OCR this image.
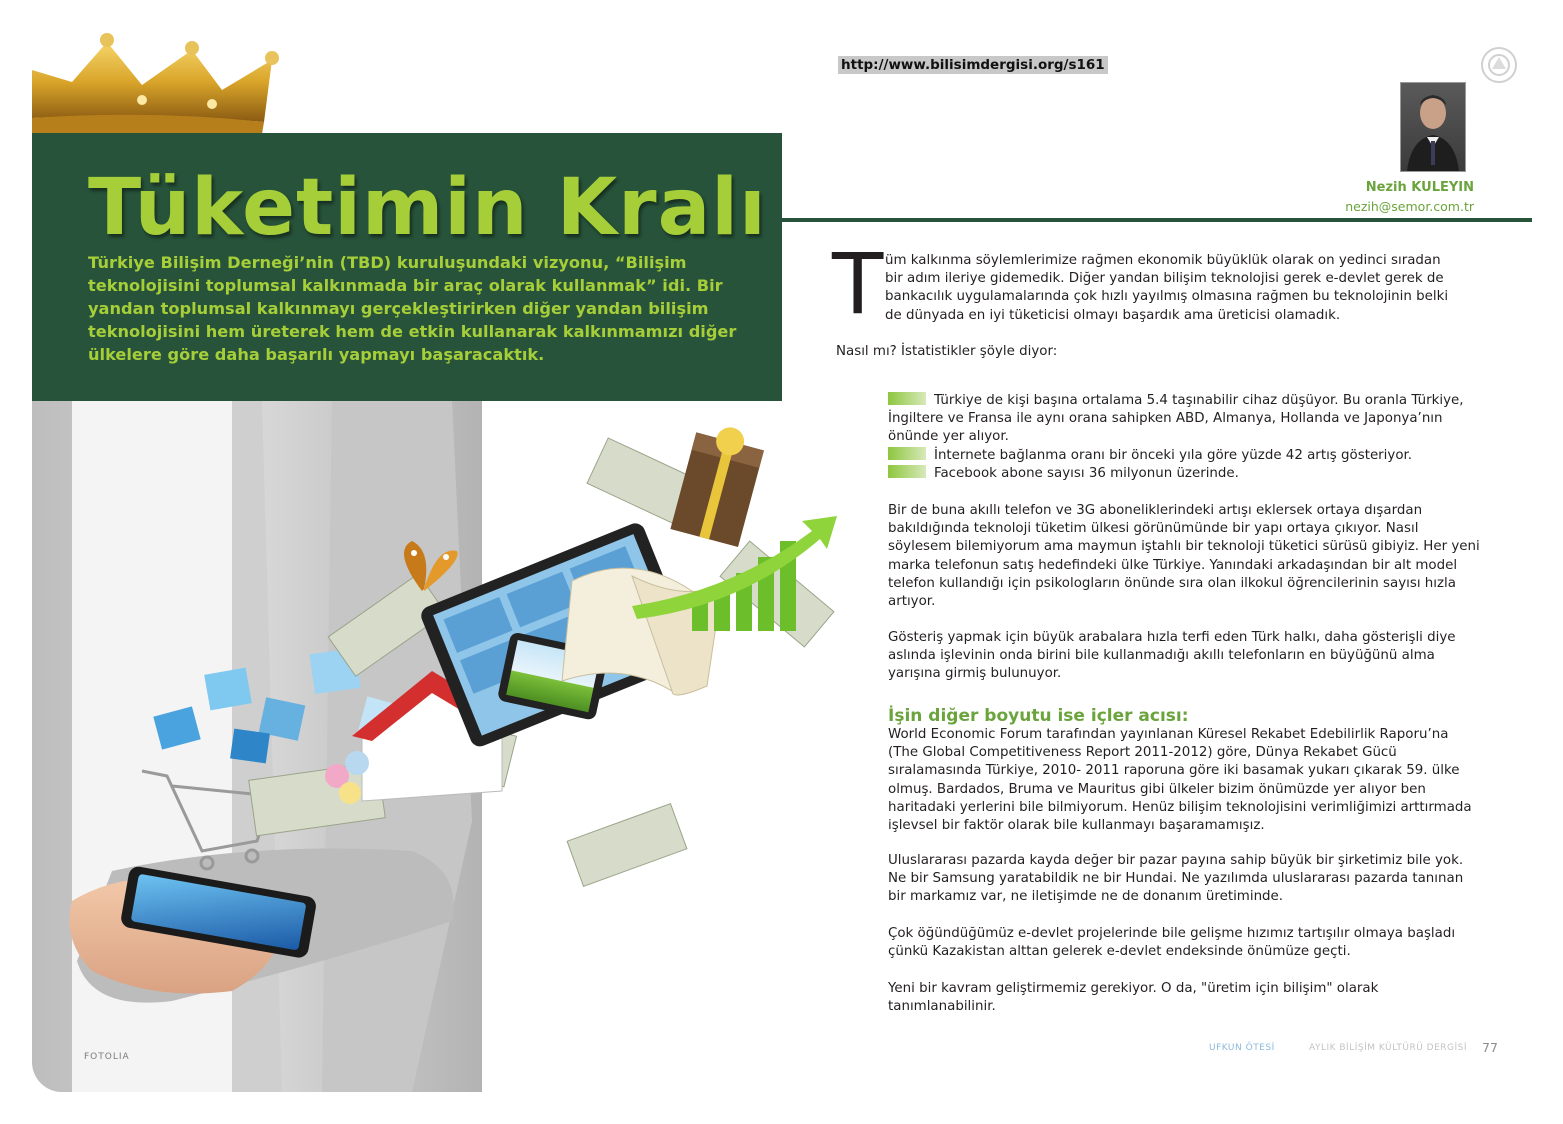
Tüketimin Kralı

Türkiye Bilişim Derneği’nin (TBD) kuruluşundaki vizyonu, “Bilişim teknolojisini toplumsal kalkınmada bir araç olarak kullanmak” idi. Bir yandan toplumsal kalkınmayı gerçekleştirirken diğer yandan bilişim teknolojisini hem üreterek hem de etkin kullanarak kalkınmamızı diğer ülkelere göre daha başarılı yapmayı başaracaktık.

FOTOLIA
http://www.bilisimdergisi.org/s161

Nezih KULEYIN

nezih@semor.com.tr

T üm kalkınma söylemlerimize rağmen ekonomik büyüklük olarak on yedinci sıradan bir adım ileriye gidemedik. Diğer yandan bilişim teknolojisi gerek e-devlet gerek de bankacılık uygulamalarında çok hızlı yayılmış olmasına rağmen bu teknolojinin belki de dünyada en iyi tüketicisi olmayı başardık ama üreticisi olamadık.

Nasıl mı? İstatistikler şöyle diyor:

Türkiye de kişi başına ortalama 5.4 taşınabilir cihaz düşüyor. Bu oranla Türkiye, İngiltere ve Fransa ile aynı orana sahipken ABD, Almanya, Hollanda ve Japonya’nın önünde yer alıyor.
İnternete bağlanma oranı bir önceki yıla göre yüzde 42 artış gösteriyor.
Facebook abone sayısı 36 milyonun üzerinde.

Bir de buna akıllı telefon ve 3G aboneliklerindeki artışı eklersek ortaya dışardan bakıldığında teknoloji tüketim ülkesi görünümünde bir yapı ortaya çıkıyor. Nasıl söylesem bilemiyorum ama maymun iştahlı bir teknoloji tüketici sürüsü gibiyiz. Her yeni marka telefonun satış hedefindeki ülke Türkiye. Yanındaki arkadaşından bir alt model telefon kullandığı için psikologların önünde sıra olan ilkokul öğrencilerinin sayısı hızla artıyor.

Gösteriş yapmak için büyük arabalara hızla terfi eden Türk halkı, daha gösterişli diye aslında işlevinin onda birini bile kullanmadığı akıllı telefonların en büyüğünü alma yarışına girmiş bulunuyor.

İşin diğer boyutu ise içler acısı:

World Economic Forum tarafından yayınlanan Küresel Rekabet Edebilirlik Raporu’na (The Global Competitiveness Report 2011-2012) göre, Dünya Rekabet Gücü sıralamasında Türkiye, 2010- 2011 raporuna göre iki basamak yukarı çıkarak 59. ülke olmuş. Bardados, Bruma ve Mauritus gibi ülkeler bizim önümüzde yer alıyor ben haritadaki yerlerini bile bilmiyorum. Henüz bilişim teknolojisini verimliğimizi arttırmada işlevsel bir faktör olarak bile kullanmayı başaramamışız.

Uluslararası pazarda kayda değer bir pazar payına sahip büyük bir şirketimiz bile yok. Ne bir Samsung yaratabildik ne bir Hundai. Ne yazılımda uluslararası pazarda tanınan bir markamız var, ne iletişimde ne de donanım üretiminde.

Çok öğündüğümüz e-devlet projelerinde bile gelişme hızımız tartışılır olmaya başladı çünkü Kazakistan alttan gelerek e-devlet endeksinde önümüze geçti.

Yeni bir kavram geliştirmemiz gerekiyor. O da, "üretim için bilişim" olarak tanımlanabilinir.

UFKUN ÖTESİ	AYLIK BİLİŞİM KÜLTÜRÜ DERGİSİ 77
